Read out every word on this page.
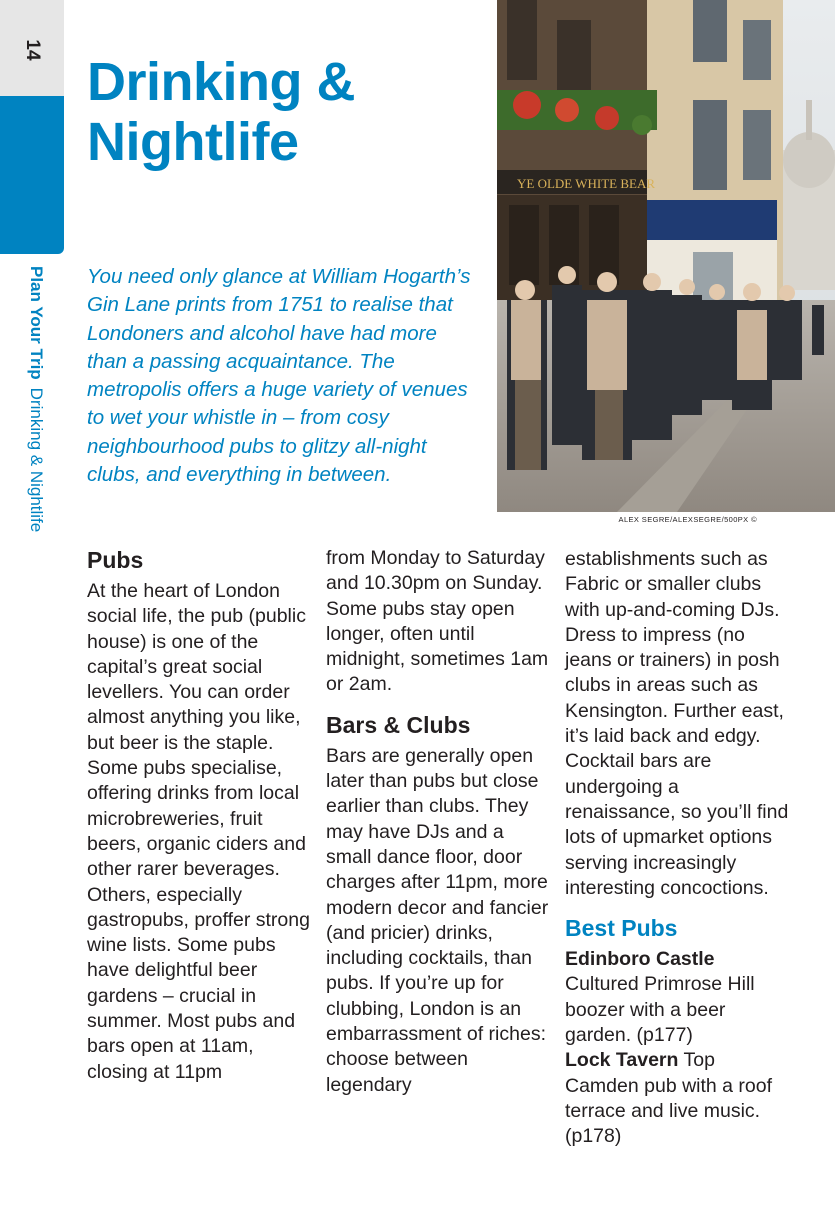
14
Plan Your TripDrinking & Nightlife
Drinking &
Nightlife

You need only glance at William Hogarth’s Gin Lane prints from 1751 to realise that Londoners and alcohol have had more than a passing acquaintance. The metropolis offers a huge variety of venues to wet your whistle in – from cosy neighbourhood pubs to glitzy all-night clubs, and everything in between.

YE OLDE WHITE BEAR
ALEX SEGRE/ALEXSEGRE/500PX ©
Pubs

At the heart of London social life, the pub (public house) is one of the capital’s great social levellers. You can order almost anything you like, but beer is the staple. Some pubs specialise, offering drinks from local microbreweries, fruit beers, organic ciders and other rarer beverages. Others, especially gastropubs, proffer strong wine lists. Some pubs have delightful beer gardens – crucial in summer. Most pubs and bars open at 11am, closing at 11pm

from Monday to Saturday and 10.30pm on Sunday. Some pubs stay open longer, often until midnight, sometimes 1am or 2am.

Bars & Clubs

Bars are generally open later than pubs but close earlier than clubs. They may have DJs and a small dance floor, door charges after 11pm, more modern decor and fancier (and pricier) drinks, including cocktails, than pubs. If you’re up for clubbing, London is an embarrassment of riches: choose between legendary

establishments such as Fabric or smaller clubs with up-and-coming DJs. Dress to impress (no jeans or trainers) in posh clubs in areas such as Kensington. Further east, it’s laid back and edgy. Cocktail bars are undergoing a renaissance, so you’ll find lots of upmarket options serving increasingly interesting concoctions.

Best Pubs

Edinboro Castle Cultured Primrose Hill boozer with a beer garden. (p177)

Lock Tavern Top Camden pub with a roof terrace and live music. (p178)
